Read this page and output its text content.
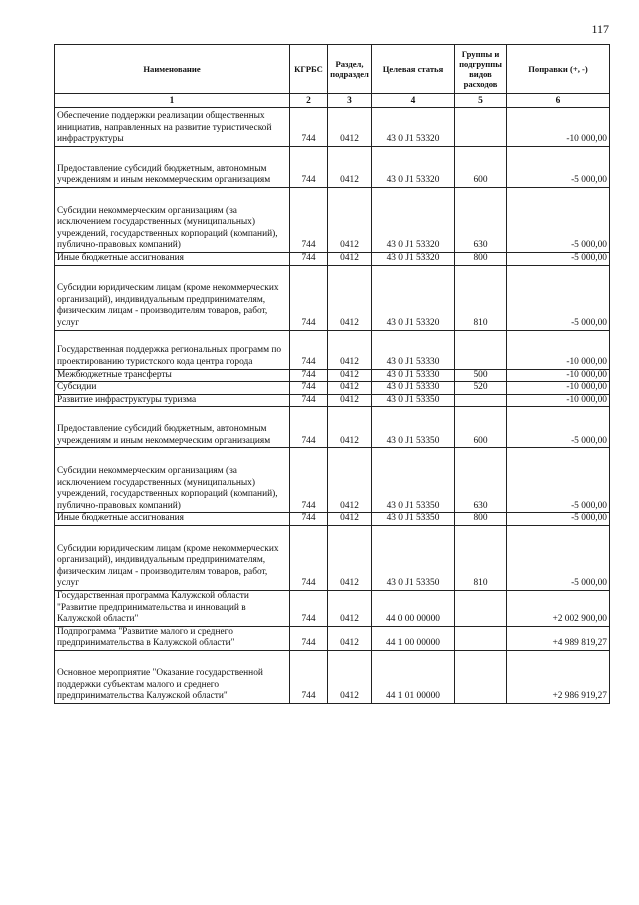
117
Наименование	КГРБС	Раздел, подраздел	Целевая статья	Группы и подгруппы видов расходов	Поправки (+, -)
1	2	3	4	5	6
Обеспечение поддержки реализации общественных инициатив, направленных на развитие туристической инфраструктуры	744	0412	43 0 J1 53320		-10 000,00
Предоставление субсидий бюджетным, автономным учреждениям и иным некоммерческим организациям	744	0412	43 0 J1 53320	600	-5 000,00
Субсидии некоммерческим организациям (за исключением государственных (муниципальных) учреждений, государственных корпораций (компаний), публично-правовых компаний)	744	0412	43 0 J1 53320	630	-5 000,00
Иные бюджетные ассигнования	744	0412	43 0 J1 53320	800	-5 000,00
Субсидии юридическим лицам (кроме некоммерческих организаций), индивидуальным предпринимателям, физическим лицам - производителям товаров, работ, услуг	744	0412	43 0 J1 53320	810	-5 000,00
Государственная поддержка региональных программ по проектированию туристского кода центра города	744	0412	43 0 J1 53330		-10 000,00
Межбюджетные трансферты	744	0412	43 0 J1 53330	500	-10 000,00
Субсидии	744	0412	43 0 J1 53330	520	-10 000,00
Развитие инфраструктуры туризма	744	0412	43 0 J1 53350		-10 000,00
Предоставление субсидий бюджетным, автономным учреждениям и иным некоммерческим организациям	744	0412	43 0 J1 53350	600	-5 000,00
Субсидии некоммерческим организациям (за исключением государственных (муниципальных) учреждений, государственных корпораций (компаний), публично-правовых компаний)	744	0412	43 0 J1 53350	630	-5 000,00
Иные бюджетные ассигнования	744	0412	43 0 J1 53350	800	-5 000,00
Субсидии юридическим лицам (кроме некоммерческих организаций), индивидуальным предпринимателям, физическим лицам - производителям товаров, работ, услуг	744	0412	43 0 J1 53350	810	-5 000,00
Государственная программа Калужской области "Развитие предпринимательства и инноваций в Калужской области"	744	0412	44 0 00 00000		+2 002 900,00
Подпрограмма "Развитие малого и среднего предпринимательства в Калужской области"	744	0412	44 1 00 00000		+4 989 819,27
Основное мероприятие "Оказание государственной поддержки субъектам малого и среднего предпринимательства Калужской области"	744	0412	44 1 01 00000		+2 986 919,27
